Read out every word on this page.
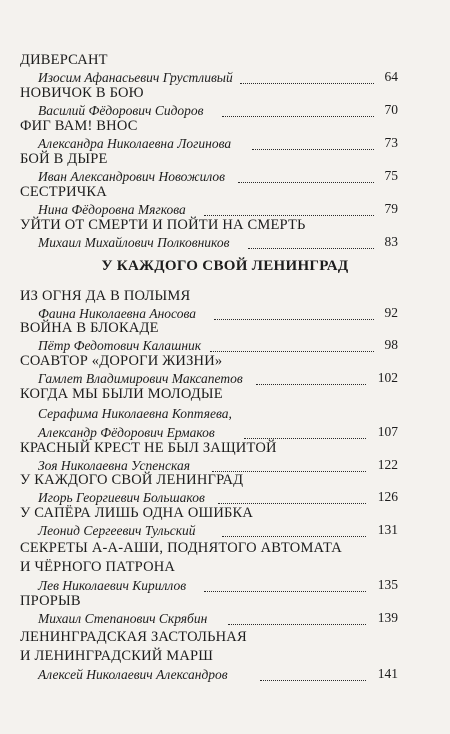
ДИВЕРСАНТ
Изосим Афанасьевич Грустливый	64
НОВИЧОК В БОЮ
Василий Фёдорович Сидоров	70
ФИГ ВАМ! ВНОС
Александра Николаевна Логинова	73
БОЙ В ДЫРЕ
Иван Александрович Новожилов	75
СЕСТРИЧКА
Нина Фёдоровна Мягкова	79
УЙТИ ОТ СМЕРТИ И ПОЙТИ НА СМЕРТЬ
Михаил Михайлович Полковников	83
У КАЖДОГО СВОЙ ЛЕНИНГРАД
ИЗ ОГНЯ ДА В ПОЛЫМЯ
Фаина Николаевна Аносова	92
ВОЙНА В БЛОКАДЕ
Пётр Федотович Калашник	98
СОАВТОР «ДОРОГИ ЖИЗНИ»
Гамлет Владимирович Максапетов	102
КОГДА МЫ БЫЛИ МОЛОДЫЕ
Серафима Николаевна Коптяева,
Александр Фёдорович Ермаков	107
КРАСНЫЙ КРЕСТ НЕ БЫЛ ЗАЩИТОЙ
Зоя Николаевна Успенская	122
У КАЖДОГО СВОЙ ЛЕНИНГРАД
Игорь Георгиевич Большаков	126
У САПЁРА ЛИШЬ ОДНА ОШИБКА
Леонид Сергеевич Тульский	131
СЕКРЕТЫ А-А-АШИ, ПОДНЯТОГО АВТОМАТА
И ЧЁРНОГО ПАТРОНА
Лев Николаевич Кириллов	135
ПРОРЫВ
Михаил Степанович Скрябин	139
ЛЕНИНГРАДСКАЯ ЗАСТОЛЬНАЯ
И ЛЕНИНГРАДСКИЙ МАРШ
Алексей Николаевич Александров	141
